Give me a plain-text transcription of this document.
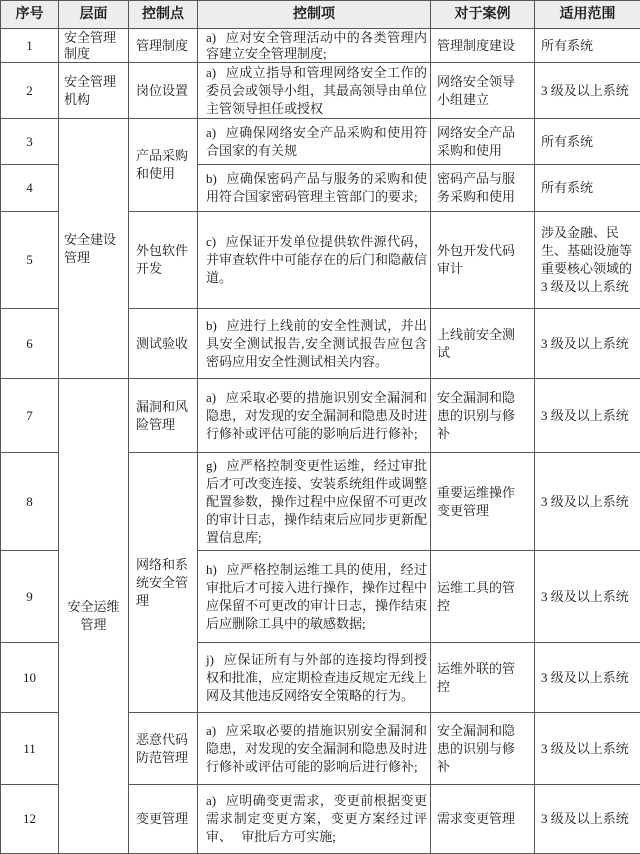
序号	层面	控制点	控制项	对于案例	适用范围
1	安全管理制度	管理制度	a) 应对安全管理活动中的各类管理内容建立安全管理制度;	管理制度建设	所有系统
2	安全管理机构	岗位设置	a) 应成立指导和管理网络安全工作的委员会或领导小组，其最高领导由单位主管领导担任或授权	网络安全领导小组建立	3 级及以上系统
3	安全建设管理	产品采购和使用	a) 应确保网络安全产品采购和使用符合国家的有关规	网络安全产品采购和使用	所有系统
4			b) 应确保密码产品与服务的采购和使用符合国家密码管理主管部门的要求;	密码产品与服务采购和使用	所有系统
5		外包软件开发	c) 应保证开发单位提供软件源代码，并审查软件中可能存在的后门和隐蔽信道。	外包开发代码审计	涉及金融、民生、基础设施等重要核心领域的 3 级及以上系统
6		测试验收	b) 应进行上线前的安全性测试，并出具安全测试报告,安全测试报告应包含密码应用安全性测试相关内容。	上线前安全测试	3 级及以上系统
7	安全运维管理	漏洞和风险管理	a) 应采取必要的措施识别安全漏洞和隐患，对发现的安全漏洞和隐患及时进行修补或评估可能的影响后进行修补;	安全漏洞和隐患的识别与修补	3 级及以上系统
8		网络和系统安全管理	g) 应严格控制变更性运维，经过审批后才可改变连接、安装系统组件或调整配置参数，操作过程中应保留不可更改的审计日志，操作结束后应同步更新配置信息库;	重要运维操作变更管理	3 级及以上系统
9			h) 应严格控制运维工具的使用，经过审批后才可接入进行操作，操作过程中应保留不可更改的审计日志，操作结束后应删除工具中的敏感数据;	运维工具的管控	3 级及以上系统
10			j) 应保证所有与外部的连接均得到授权和批准，应定期检查违反规定无线上网及其他违反网络安全策略的行为。	运维外联的管控	3 级及以上系统
11		恶意代码防范管理	a) 应采取必要的措施识别安全漏洞和隐患，对发现的安全漏洞和隐患及时进行修补或评估可能的影响后进行修补;	安全漏洞和隐患的识别与修补	3 级及以上系统
12		变更管理	a) 应明确变更需求，变更前根据变更需求制定变更方案，变更方案经过评审、 审批后方可实施;	需求变更管理	3 级及以上系统
